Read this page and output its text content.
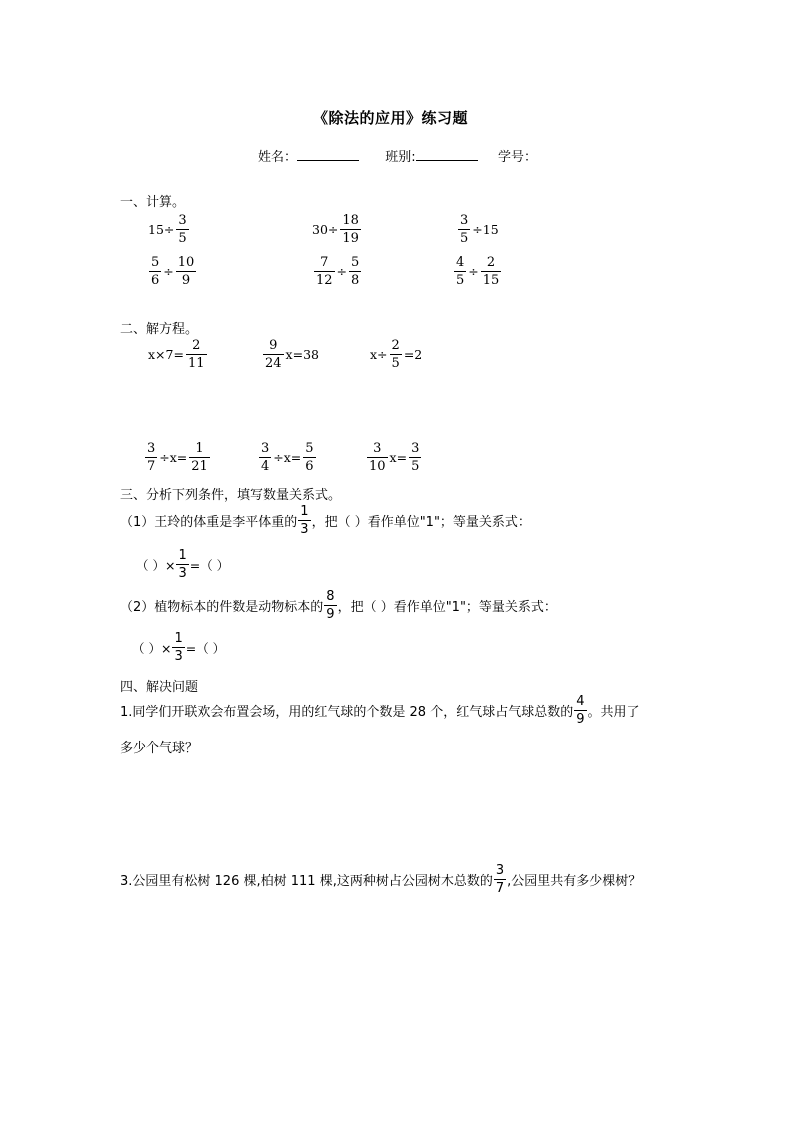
《除法的应用》练习题
姓名：	班别:	学号：
一、计算。
$15\div \frac{3}{5}$	$30\div \frac{18}{19}$	$\frac{3}{5} \div 15$
$\frac{5}{6} \div \frac{10}{9}$	$\frac{7}{12} \div \frac{5}{8}$	$\frac{4}{5} \div \frac{2}{15}$
二、解方程。
$x\times 7= \frac{2}{11}$	$\frac{9}{24} x=38$	$x\div \frac{2}{5} =2$
$\frac{3}{7} \div x= \frac{1}{21}$	$\frac{3}{4} \div x= \frac{5}{6}$	$\frac{3}{10} x= \frac{3}{5}$
三、分析下列条件，填写数量关系式。
（1）王玲的体重是李平体重的 $\frac{1}{3}$ ，把（ ）看作单位"1"；等量关系式：
（ ）× $\frac{1}{3}$ =（ ）
（2）植物标本的件数是动物标本的 $\frac{8}{9}$ ，把（ ）看作单位"1"；等量关系式：
（ ）× $\frac{1}{3}$ =（ ）
四、解决问题
1.同学们开联欢会布置会场，用的红气球的个数是 28 个，红气球占气球总数的 $\frac{4}{9}$ 。共用了
多少个气球？
3.公园里有松树 126 棵,柏树 111 棵,这两种树占公园树木总数的 $\frac{3}{7}$ ,公园里共有多少棵树？
